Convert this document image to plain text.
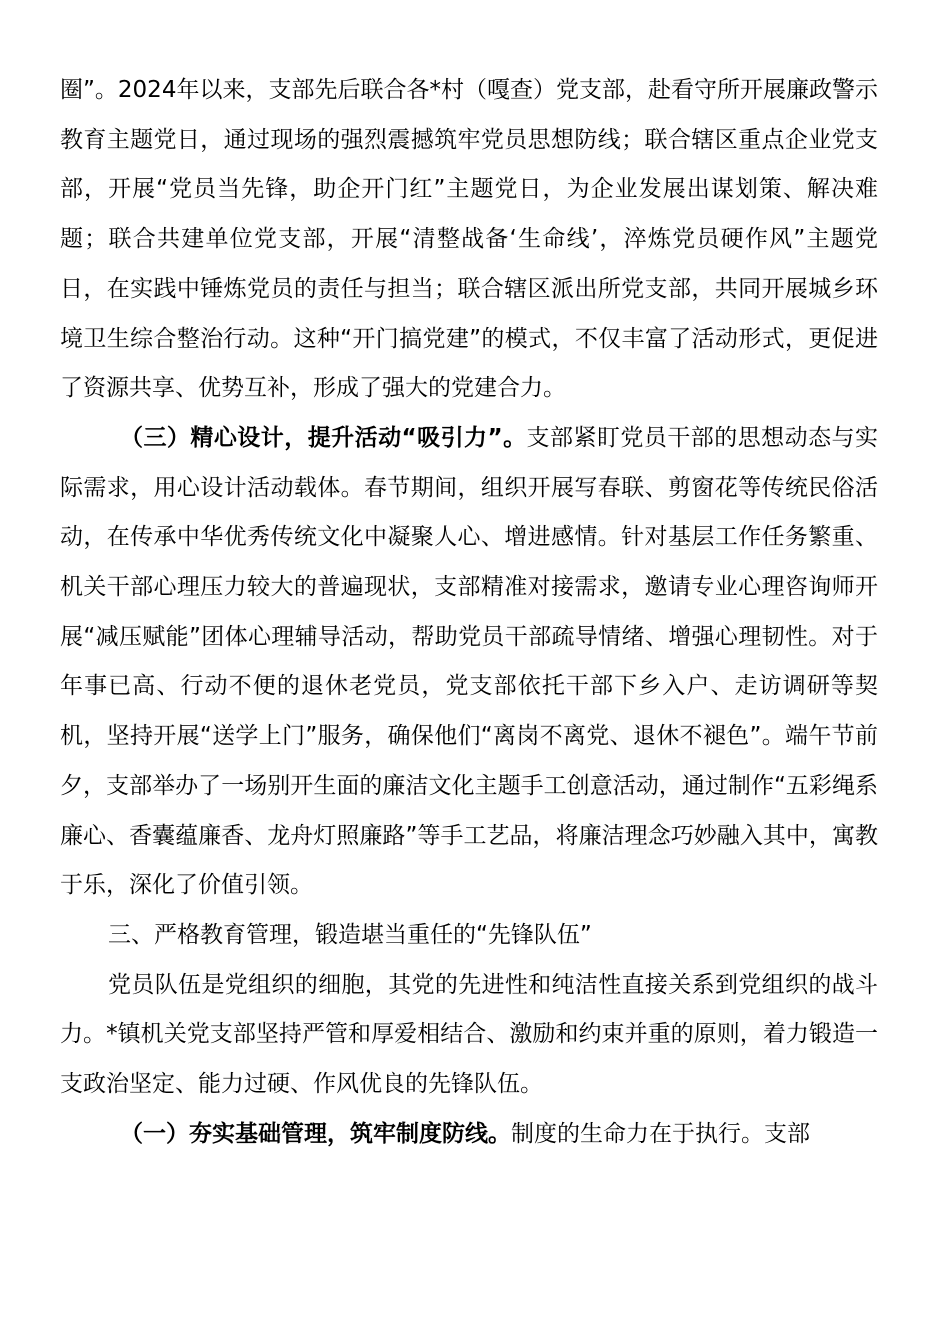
圈”。2024年以来，支部先后联合各*村（嘎查）党支部，赴看守所开展廉政警示教育主题党日，通过现场的强烈震撼筑牢党员思想防线；联合辖区重点企业党支部，开展“党员当先锋，助企开门红”主题党日，为企业发展出谋划策、解决难题；联合共建单位党支部，开展“清整战备‘生命线’，淬炼党员硬作风”主题党日，在实践中锤炼党员的责任与担当；联合辖区派出所党支部，共同开展城乡环境卫生综合整治行动。这种“开门搞党建”的模式，不仅丰富了活动形式，更促进了资源共享、优势互补，形成了强大的党建合力。

（三）精心设计，提升活动“吸引力”。支部紧盯党员干部的思想动态与实际需求，用心设计活动载体。春节期间，组织开展写春联、剪窗花等传统民俗活动，在传承中华优秀传统文化中凝聚人心、增进感情。针对基层工作任务繁重、机关干部心理压力较大的普遍现状，支部精准对接需求，邀请专业心理咨询师开展“减压赋能”团体心理辅导活动，帮助党员干部疏导情绪、增强心理韧性。对于年事已高、行动不便的退休老党员，党支部依托干部下乡入户、走访调研等契机，坚持开展“送学上门”服务，确保他们“离岗不离党、退休不褪色”。端午节前夕，支部举办了一场别开生面的廉洁文化主题手工创意活动，通过制作“五彩绳系廉心、香囊蕴廉香、龙舟灯照廉路”等手工艺品，将廉洁理念巧妙融入其中，寓教于乐，深化了价值引领。

三、严格教育管理，锻造堪当重任的“先锋队伍”

党员队伍是党组织的细胞，其党的先进性和纯洁性直接关系到党组织的战斗力。*镇机关党支部坚持严管和厚爱相结合、激励和约束并重的原则，着力锻造一支政治坚定、能力过硬、作风优良的先锋队伍。

（一）夯实基础管理，筑牢制度防线。制度的生命力在于执行。支部
